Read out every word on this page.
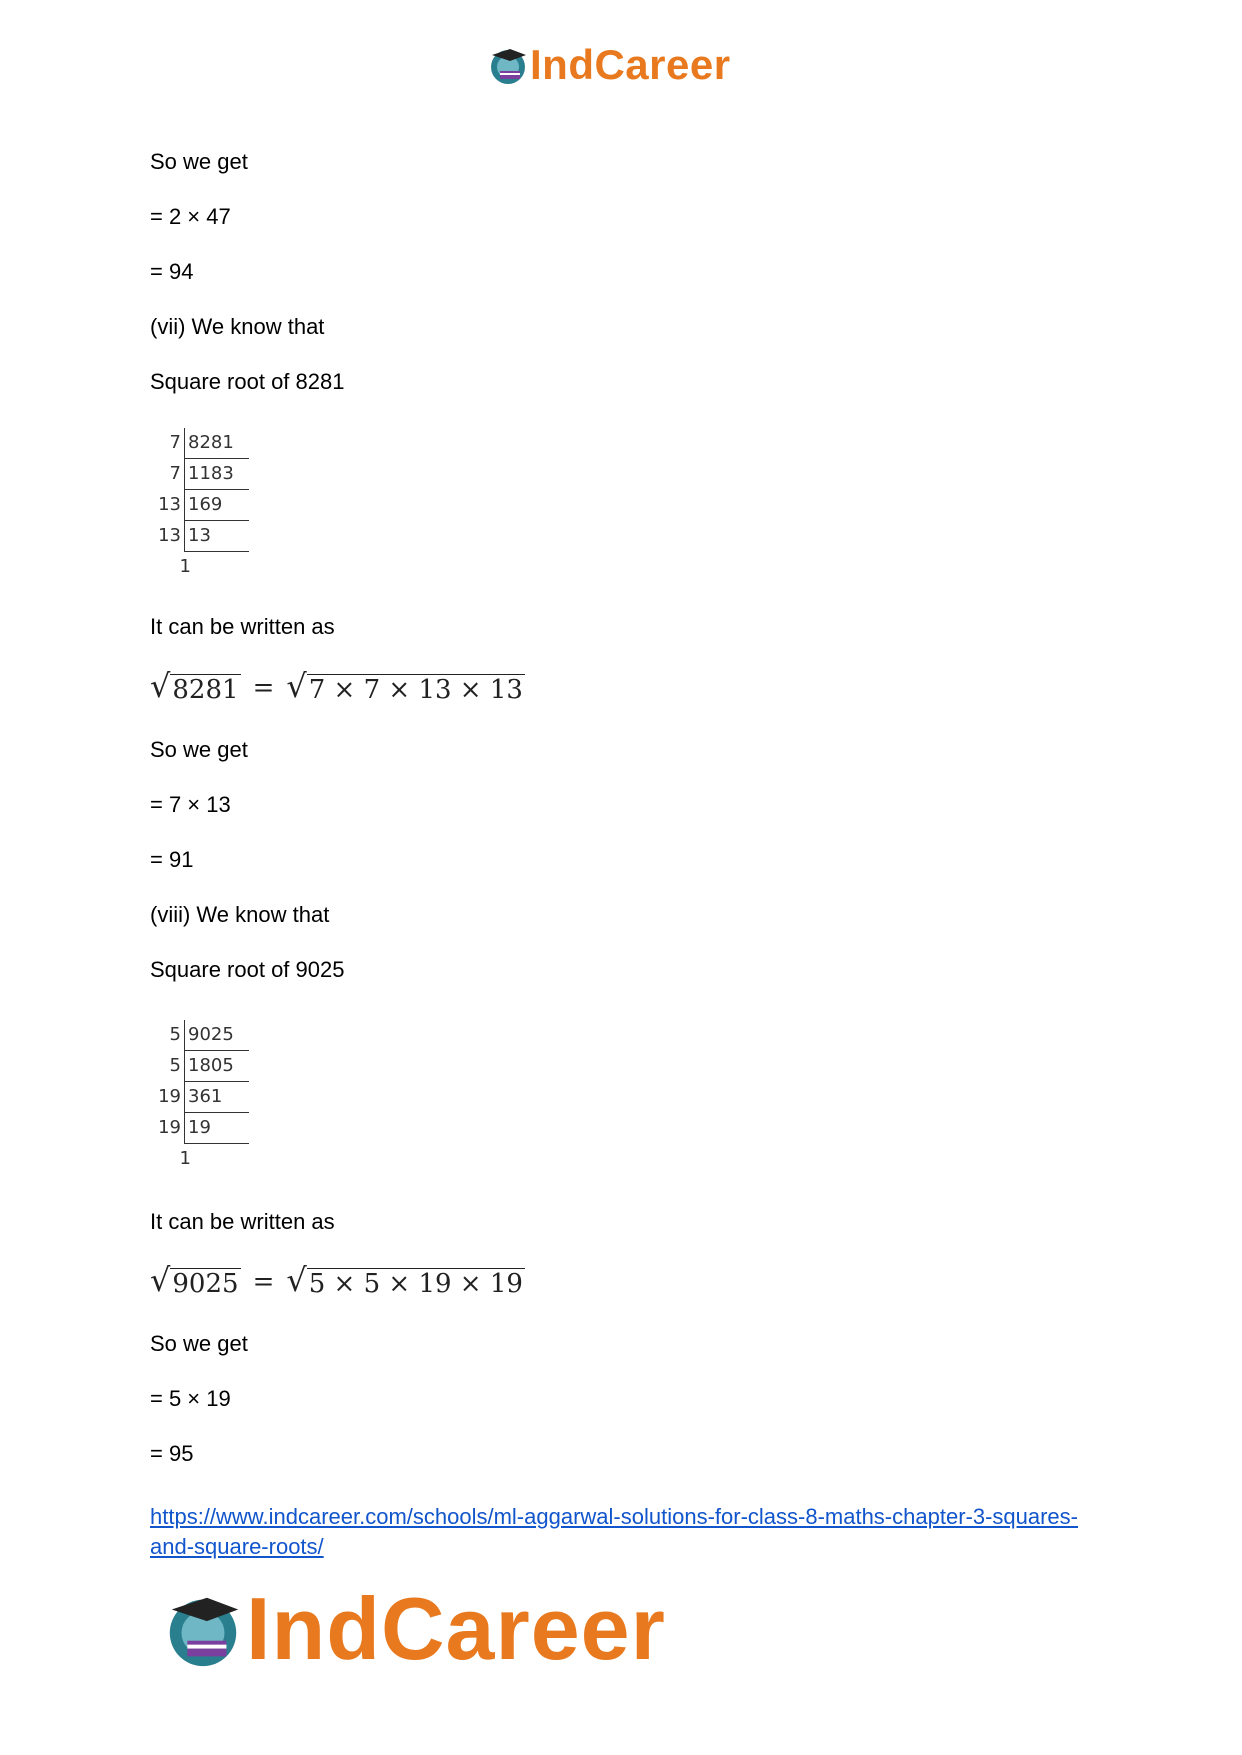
IndCareer
So we get
= 2 × 47
= 94
(vii) We know that
Square root of 8281
7	8281
7	1183
13	169
13	13
	1
It can be written as
√ 8281 = √ 7 × 7 × 13 × 13
So we get
= 7 × 13
= 91
(viii) We know that
Square root of 9025
5	9025
5	1805
19	361
19	19
	1
It can be written as
√ 9025 = √ 5 × 5 × 19 × 19
So we get
= 5 × 19
= 95
https://www.indcareer.com/schools/ml-aggarwal-solutions-for-class-8-maths-chapter-3-squares-and-square-roots/
IndCareer
